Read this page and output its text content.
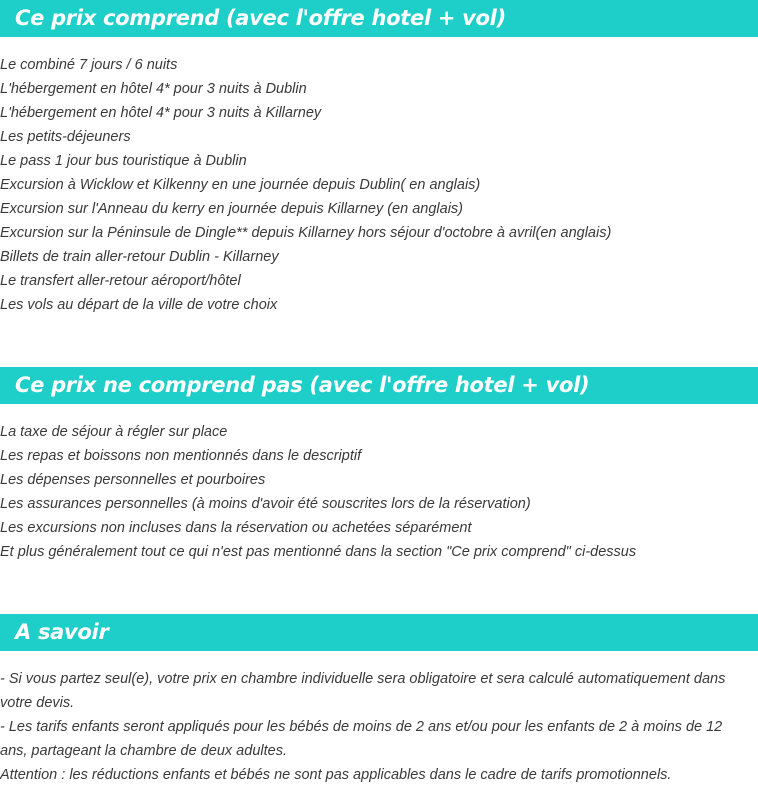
Ce prix comprend (avec l'offre hotel + vol)
Le combiné 7 jours / 6 nuits
L'hébergement en hôtel 4* pour 3 nuits à Dublin
L'hébergement en hôtel 4* pour 3 nuits à Killarney
Les petits-déjeuners
Le pass 1 jour bus touristique à Dublin
Excursion à Wicklow et Kilkenny en une journée depuis Dublin( en anglais)
Excursion sur l'Anneau du kerry en journée depuis Killarney (en anglais)
Excursion sur la Péninsule de Dingle** depuis Killarney hors séjour d'octobre à avril(en anglais)
Billets de train aller-retour Dublin - Killarney
Le transfert aller-retour aéroport/hôtel
Les vols au départ de la ville de votre choix
Ce prix ne comprend pas (avec l'offre hotel + vol)
La taxe de séjour à régler sur place
Les repas et boissons non mentionnés dans le descriptif
Les dépenses personnelles et pourboires
Les assurances personnelles (à moins d'avoir été souscrites lors de la réservation)
Les excursions non incluses dans la réservation ou achetées séparément
Et plus généralement tout ce qui n'est pas mentionné dans la section "Ce prix comprend" ci-dessus
A savoir

- Si vous partez seul(e), votre prix en chambre individuelle sera obligatoire et sera calculé automatiquement dans votre devis.

- Les tarifs enfants seront appliqués pour les bébés de moins de 2 ans et/ou pour les enfants de 2 à moins de 12 ans, partageant la chambre de deux adultes.

Attention : les réductions enfants et bébés ne sont pas applicables dans le cadre de tarifs promotionnels.
